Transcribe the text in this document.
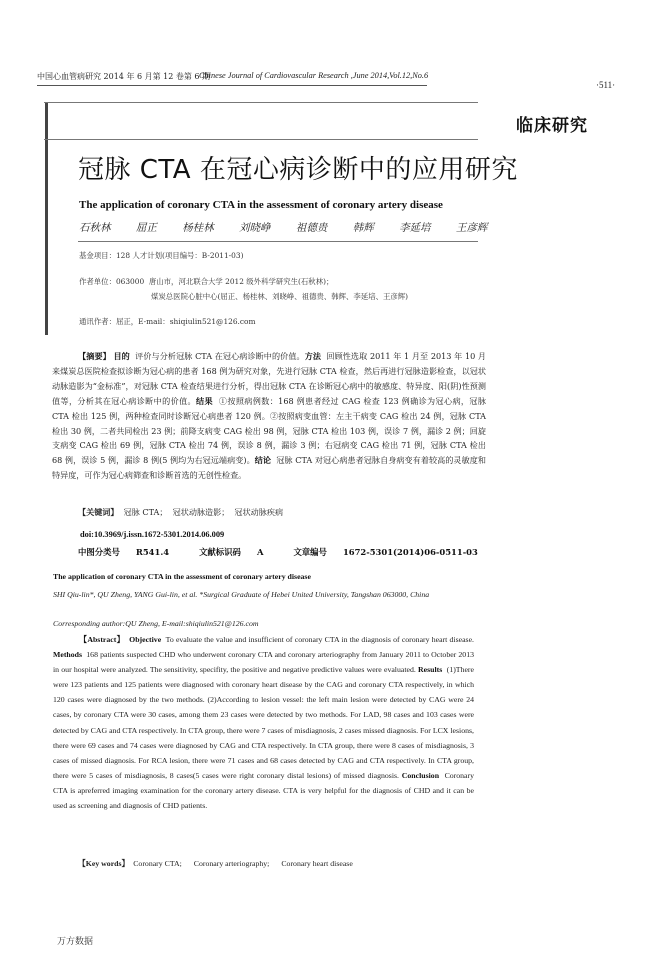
中国心血管病研究 2014 年 6 月第 12 卷第 6 期
Chinese Journal of Cardiovascular Research ,June 2014,Vol.12,No.6
·511·
临床研究
冠脉 CTA 在冠心病诊断中的应用研究
The application of coronary CTA in the assessment of coronary artery disease
石秋林 屈正 杨桂林 刘晓峥 祖德贵 韩辉 李延培 王彦辉
基金项目：128 人才计划(项目编号：B-2011-03)
作者单位：063000 唐山市，河北联合大学 2012 级外科学研究生(石秋林)；
煤炭总医院心脏中心(屈正、杨桂林、刘晓峥、祖德贵、韩辉、李延培、王彦辉)
通讯作者：屈正，E-mail：shiqiulin521@126.com
【摘要】 目的 评价与分析冠脉 CTA 在冠心病诊断中的价值。方法 回顾性选取 2011 年 1 月至 2013 年 10 月来煤炭总医院检查拟诊断为冠心病的患者 168 例为研究对象，先进行冠脉 CTA 检查，然后再进行冠脉造影检查，以冠状动脉造影为“金标准”，对冠脉 CTA 检查结果进行分析，得出冠脉 CTA 在诊断冠心病中的敏感度、特异度、阳(阴)性预测值等，分析其在冠心病诊断中的价值。结果 ①按照病例数：168 例患者经过 CAG 检查 123 例确诊为冠心病，冠脉 CTA 检出 125 例，两种检查同时诊断冠心病患者 120 例。②按照病变血管：左主干病变 CAG 检出 24 例，冠脉 CTA 检出 30 例，二者共同检出 23 例；前降支病变 CAG 检出 98 例，冠脉 CTA 检出 103 例，误诊 7 例，漏诊 2 例；回旋支病变 CAG 检出 69 例，冠脉 CTA 检出 74 例，误诊 8 例，漏诊 3 例；右冠病变 CAG 检出 71 例，冠脉 CTA 检出 68 例，误诊 5 例，漏诊 8 例(5 例均为右冠远端病变)。结论 冠脉 CTA 对冠心病患者冠脉自身病变有着较高的灵敏度和特异度，可作为冠心病筛查和诊断首选的无创性检查。
【关键词】 冠脉 CTA； 冠状动脉造影； 冠状动脉疾病
doi:10.3969/j.issn.1672-5301.2014.06.009
中图分类号 R541.4	文献标识码 A	文章编号 1672-5301(2014)06-0511-03
The application of coronary CTA in the assessment of coronary artery disease
SHI Qiu-lin*, QU Zheng, YANG Gui-lin, et al. *Surgical Graduate of Hebei United University, Tangshan 063000, China
Corresponding author:QU Zheng, E-mail:shiqiulin521@126.com
【Abstract】 Objective To evaluate the value and insufficient of coronary CTA in the diagnosis of coronary heart disease. Methods 168 patients suspected CHD who underwent coronary CTA and coronary arteriography from January 2011 to October 2013 in our hospital were analyzed. The sensitivity, specifity, the positive and negative predictive values were evaluated. Results (1)There were 123 patients and 125 patients were diagnosed with coronary heart disease by the CAG and coronary CTA respectively, in which 120 cases were diagnosed by the two methods. (2)According to lesion vessel: the left main lesion were detected by CAG were 24 cases, by coronary CTA were 30 cases, among them 23 cases were detected by two methods. For LAD, 98 cases and 103 cases were detected by CAG and CTA respectively. In CTA group, there were 7 cases of misdiagnosis, 2 cases missed diagnosis. For LCX lesions, there were 69 cases and 74 cases were diagnosed by CAG and CTA respectively. In CTA group, there were 8 cases of misdiagnosis, 3 cases of missed diagnosis. For RCA lesion, there were 71 cases and 68 cases detected by CAG and CTA respectively. In CTA group, there were 5 cases of misdiagnosis, 8 cases(5 cases were right coronary distal lesions) of missed diagnosis. Conclusion Coronary CTA is apreferred imaging examination for the coronary artery disease. CTA is very helpful for the diagnosis of CHD and it can be used as screening and diagnosis of CHD patients.
【Key words】 Coronary CTA; Coronary arteriography; Coronary heart disease
万方数据
